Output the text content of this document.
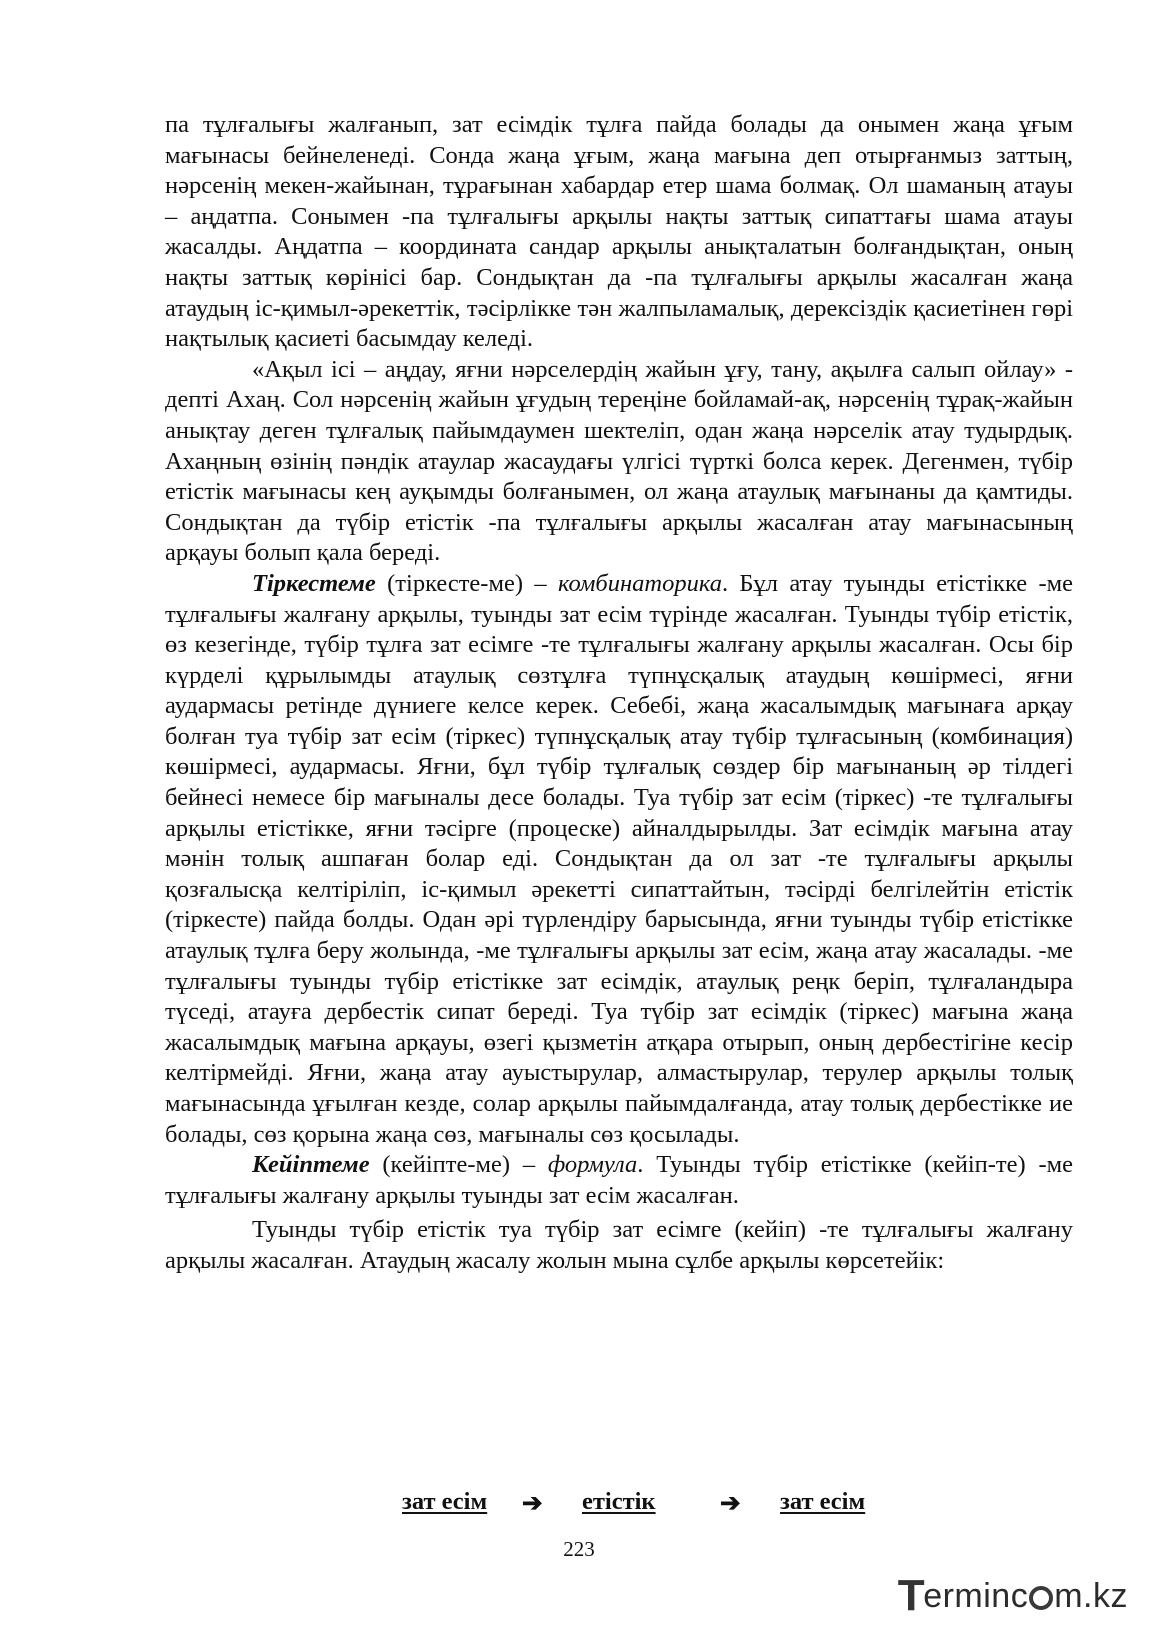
па тұлғалығы жалғанып, зат есімдік тұлға пайда болады да онымен жаңа ұғым мағынасы бейнеленеді. Сонда жаңа ұғым, жаңа мағына деп отырғанмыз заттың, нәрсенің мекен-жайынан, тұрағынан хабардар етер шама болмақ. Ол шаманың атауы – аңдатпа. Сонымен -па тұлғалығы арқылы нақты заттық сипаттағы шама атауы жасалды. Аңдатпа – координата сандар арқылы анықталатын болғандықтан, оның нақты заттық көрінісі бар. Сондықтан да -па тұлғалығы арқылы жасалған жаңа атаудың іс-қимыл-әрекеттік, тәсірлікке тән жалпыламалық, дерексіздік қасиетінен гөрі нақтылық қасиеті басымдау келеді.

«Ақыл ісі – аңдау, яғни нәрселердің жайын ұғу, тану, ақылға салып ойлау» - депті Ахаң. Сол нәрсенің жайын ұғудың тереңіне бойламай-ақ, нәрсенің тұрақ-жайын анықтау деген тұлғалық пайымдаумен шектеліп, одан жаңа нәрселік атау тудырдық. Ахаңның өзінің пәндік атаулар жасаудағы үлгісі түрткі болса керек. Дегенмен, түбір етістік мағынасы кең ауқымды болғанымен, ол жаңа атаулық мағынаны да қамтиды. Сондықтан да түбір етістік -па тұлғалығы арқылы жасалған атау мағынасының арқауы болып қала береді.

Тіркестеме (тіркесте-ме) – комбинаторика. Бұл атау туынды етістікке -ме тұлғалығы жалғану арқылы, туынды зат есім түрінде жасалған. Туынды түбір етістік, өз кезегінде, түбір тұлға зат есімге -те тұлғалығы жалғану арқылы жасалған. Осы бір күрделі құрылымды атаулық сөзтұлға түпнұсқалық атаудың көшірмесі, яғни аудармасы ретінде дүниеге келсе керек. Себебі, жаңа жасалымдық мағынаға арқау болған туа түбір зат есім (тіркес) түпнұсқалық атау түбір тұлғасының (комбинация) көшірмесі, аудармасы. Яғни, бұл түбір тұлғалық сөздер бір мағынаның әр тілдегі бейнесі немесе бір мағыналы десе болады. Туа түбір зат есім (тіркес) -те тұлғалығы арқылы етістікке, яғни тәсірге (процеске) айналдырылды. Зат есімдік мағына атау мәнін толық ашпаған болар еді. Сондықтан да ол зат -те тұлғалығы арқылы қозғалысқа келтіріліп, іс-қимыл әрекетті сипаттайтын, тәсірді белгілейтін етістік (тіркесте) пайда болды. Одан әрі түрлендіру барысында, яғни туынды түбір етістікке атаулық тұлға беру жолында, -ме тұлғалығы арқылы зат есім, жаңа атау жасалады. -ме тұлғалығы туынды түбір етістікке зат есімдік, атаулық реңк беріп, тұлғаландыра түседі, атауға дербестік сипат береді. Туа түбір зат есімдік (тіркес) мағына жаңа жасалымдық мағына арқауы, өзегі қызметін атқара отырып, оның дербестігіне кесір келтірмейді. Яғни, жаңа атау ауыстырулар, алмастырулар, терулер арқылы толық мағынасында ұғылған кезде, солар арқылы пайымдалғанда, атау толық дербестікке ие болады, сөз қорына жаңа сөз, мағыналы сөз қосылады.

Кейіптеме (кейіпте-ме) – формула. Туынды түбір етістікке (кейіп-те) -ме тұлғалығы жалғану арқылы туынды зат есім жасалған.

Туынды түбір етістік туа түбір зат есімге (кейіп) -те тұлғалығы жалғану арқылы жасалған. Атаудың жасалу жолын мына сұлбе арқылы көрсетейік:

зат есім ➔ етістік	➔ зат есім
223
T
erminc m.kz
